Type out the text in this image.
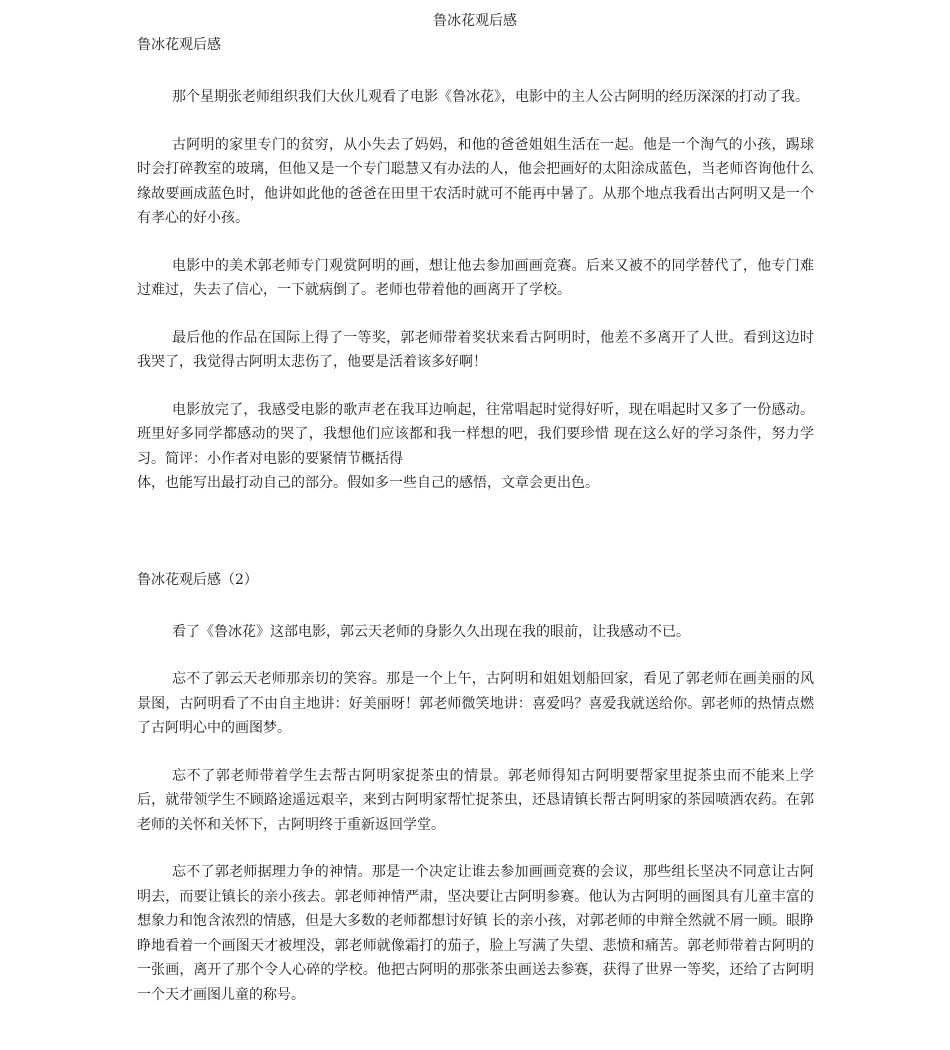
鲁冰花观后感
鲁冰花观后感

那个星期张老师组织我们大伙儿观看了电影《鲁冰花》，电影中的主人公古阿明的经历深深的打动了我。

古阿明的家里专门的贫穷，从小失去了妈妈，和他的爸爸姐姐生活在一起。他是一个淘气的小孩，踢球时会打碎教室的玻璃，但他又是一个专门聪慧又有办法的人，他会把画好的太阳涂成蓝色，当老师咨询他什么缘故要画成蓝色时，他讲如此他的爸爸在田里干农活时就可不能再中暑了。从那个地点我看出古阿明又是一个有孝心的好小孩。

电影中的美术郭老师专门观赏阿明的画，想让他去参加画画竞赛。后来又被不的同学替代了，他专门难过难过，失去了信心，一下就病倒了。老师也带着他的画离开了学校。

最后他的作品在国际上得了一等奖，郭老师带着奖状来看古阿明时，他差不多离开了人世。看到这边时我哭了，我觉得古阿明太悲伤了，他要是活着该多好啊！

电影放完了，我感受电影的歌声老在我耳边响起，往常唱起时觉得好听，现在唱起时又多了一份感动。班里好多同学都感动的哭了，我想他们应该都和我一样想的吧，我们要珍惜 现在这么好的学习条件，努力学习。简评：小作者对电影的要紧情节概括得

体，也能写出最打动自己的部分。假如多一些自己的感悟，文章会更出色。

鲁冰花观后感（2）

看了《鲁冰花》这部电影，郭云天老师的身影久久出现在我的眼前，让我感动不已。

忘不了郭云天老师那亲切的笑容。那是一个上午，古阿明和姐姐划船回家，看见了郭老师在画美丽的风景图，古阿明看了不由自主地讲：好美丽呀！郭老师微笑地讲：喜爱吗？喜爱我就送给你。郭老师的热情点燃了古阿明心中的画图梦。

忘不了郭老师带着学生去帮古阿明家捉茶虫的情景。郭老师得知古阿明要帮家里捉茶虫而不能来上学后，就带领学生不顾路途遥远艰辛，来到古阿明家帮忙捉茶虫，还恳请镇长帮古阿明家的茶园喷洒农药。在郭老师的关怀和关怀下，古阿明终于重新返回学堂。

忘不了郭老师据理力争的神情。那是一个决定让谁去参加画画竞赛的会议，那些组长坚决不同意让古阿明去，而要让镇长的亲小孩去。郭老师神情严肃，坚决要让古阿明参赛。他认为古阿明的画图具有儿童丰富的想象力和饱含浓烈的情感，但是大多数的老师都想讨好镇 长的亲小孩，对郭老师的申辩全然就不屑一顾。眼睁睁地看着一个画图天才被埋没，郭老师就像霜打的茄子，脸上写满了失望、悲愤和痛苦。郭老师带着古阿明的一张画，离开了那个令人心碎的学校。他把古阿明的那张茶虫画送去参赛，获得了世界一等奖，还给了古阿明一个天才画图儿童的称号。
